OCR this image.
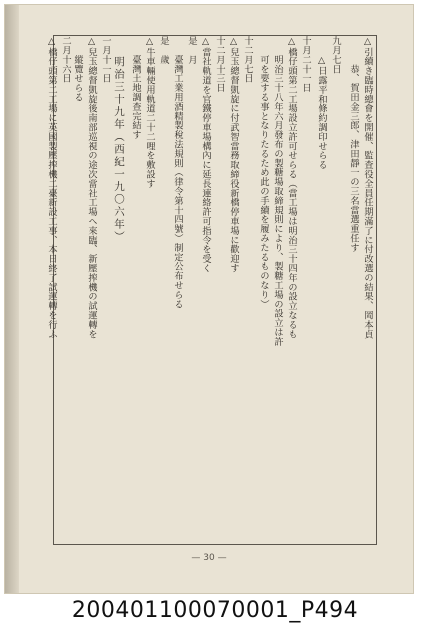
△引續き臨時總會を開催、監査役全員任期滿了に付改選の結果、岡本貞
　　　恭、賀田金三郎、津田靜一の三名當選重任す
九月七日
　　△日露平和條約調印せらる
十月二十一日
△橋仔頭第二工場設立許可せらる（當工場は明治三十四年の設立なるも
　　明治三十八年六月發布の製糖場取締規則により、製糖工場の設立は許
　　可を要する事となりたるため此の手續を履みたるものなり）
十二月七日
△兒玉總督凱旋に付武智當務取締役新橋停車場に歡迎す
十二月十三日
△當社軌道を官鐵停車場構內に延長連絡許可指令を受く
是　月
　　臺灣工業用酒精製稅法規則（律令第十四號）制定公布せらる
是　歲
△牛車輛使用軌道二十二哩を敷設す
　　臺灣土地調查完結す
明治三十九年（西紀一九〇六年）
一月十一日
△兒玉總督凱旋後南部巡視の途次當社工場へ來臨、新壓搾機の試運轉を
　　縱覽せらる
二月十六日
△橋仔頭第二工場に英國製壓搾機二臺新設工事、本日終了試運轉を行ふ
— 30 —
200401100070001_P494
